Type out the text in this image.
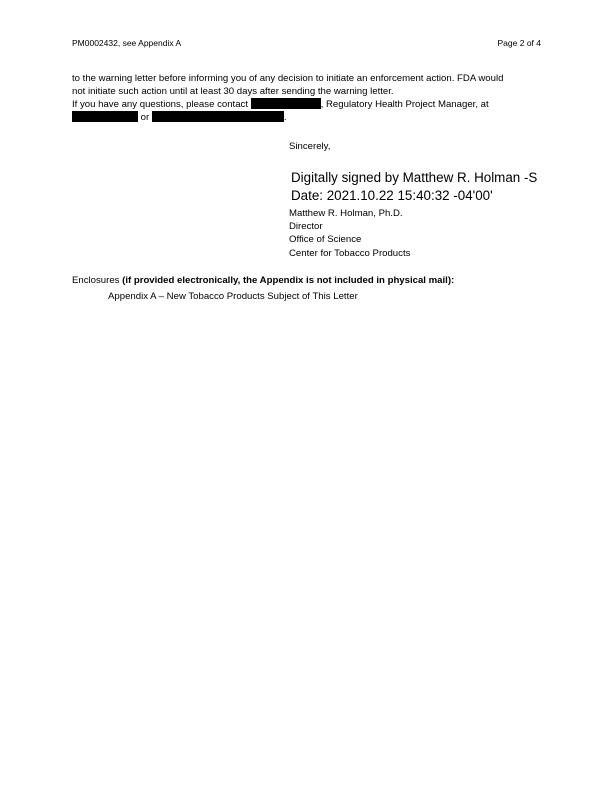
PM0002432, see Appendix A	Page 2 of 4
to the warning letter before informing you of any decision to initiate an enforcement action. FDA would
not initiate such action until at least 30 days after sending the warning letter.
If you have any questions, please contact	, Regulatory Health Project Manager, at
or	.
Sincerely,
Digitally signed by Matthew R. Holman -S
Date: 2021.10.22 15:40:32 -04'00'
Matthew R. Holman, Ph.D.
Director
Office of Science
Center for Tobacco Products
Enclosures (if provided electronically, the Appendix is not included in physical mail):
Appendix A – New Tobacco Products Subject of This Letter
